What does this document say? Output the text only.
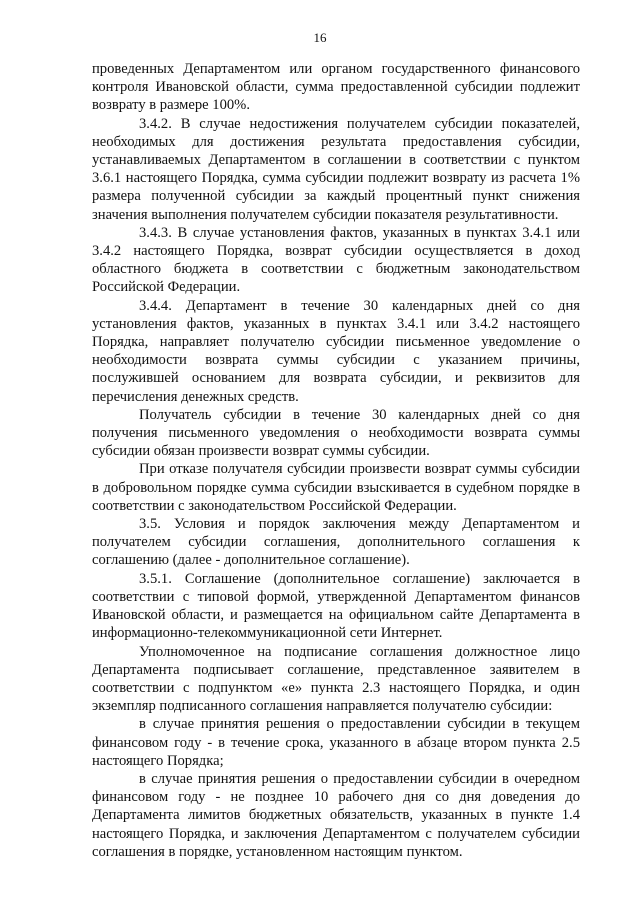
16

проведенных Департаментом или органом государственного финансового контроля Ивановской области, сумма предоставленной субсидии подлежит возврату в размере 100%.

3.4.2. В случае недостижения получателем субсидии показателей, необходимых для достижения результата предоставления субсидии, устанавливаемых Департаментом в соглашении в соответствии с пунктом 3.6.1 настоящего Порядка, сумма субсидии подлежит возврату из расчета 1% размера полученной субсидии за каждый процентный пункт снижения значения выполнения получателем субсидии показателя результативности.

3.4.3. В случае установления фактов, указанных в пунктах 3.4.1 или 3.4.2 настоящего Порядка, возврат субсидии осуществляется в доход областного бюджета в соответствии с бюджетным законодательством Российской Федерации.

3.4.4. Департамент в течение 30 календарных дней со дня установления фактов, указанных в пунктах 3.4.1 или 3.4.2 настоящего Порядка, направляет получателю субсидии письменное уведомление о необходимости возврата суммы субсидии с указанием причины, послужившей основанием для возврата субсидии, и реквизитов для перечисления денежных средств.

Получатель субсидии в течение 30 календарных дней со дня получения письменного уведомления о необходимости возврата суммы субсидии обязан произвести возврат суммы субсидии.

При отказе получателя субсидии произвести возврат суммы субсидии в добровольном порядке сумма субсидии взыскивается в судебном порядке в соответствии с законодательством Российской Федерации.

3.5. Условия и порядок заключения между Департаментом и получателем субсидии соглашения, дополнительного соглашения к соглашению (далее - дополнительное соглашение).

3.5.1. Соглашение (дополнительное соглашение) заключается в соответствии с типовой формой, утвержденной Департаментом финансов Ивановской области, и размещается на официальном сайте Департамента в информационно-телекоммуникационной сети Интернет.

Уполномоченное на подписание соглашения должностное лицо Департамента подписывает соглашение, представленное заявителем в соответствии с подпунктом «е» пункта 2.3 настоящего Порядка, и один экземпляр подписанного соглашения направляется получателю субсидии:

в случае принятия решения о предоставлении субсидии в текущем финансовом году - в течение срока, указанного в абзаце втором пункта 2.5 настоящего Порядка;

в случае принятия решения о предоставлении субсидии в очередном финансовом году - не позднее 10 рабочего дня со дня доведения до Департамента лимитов бюджетных обязательств, указанных в пункте 1.4 настоящего Порядка, и заключения Департаментом с получателем субсидии соглашения в порядке, установленном настоящим пунктом.
